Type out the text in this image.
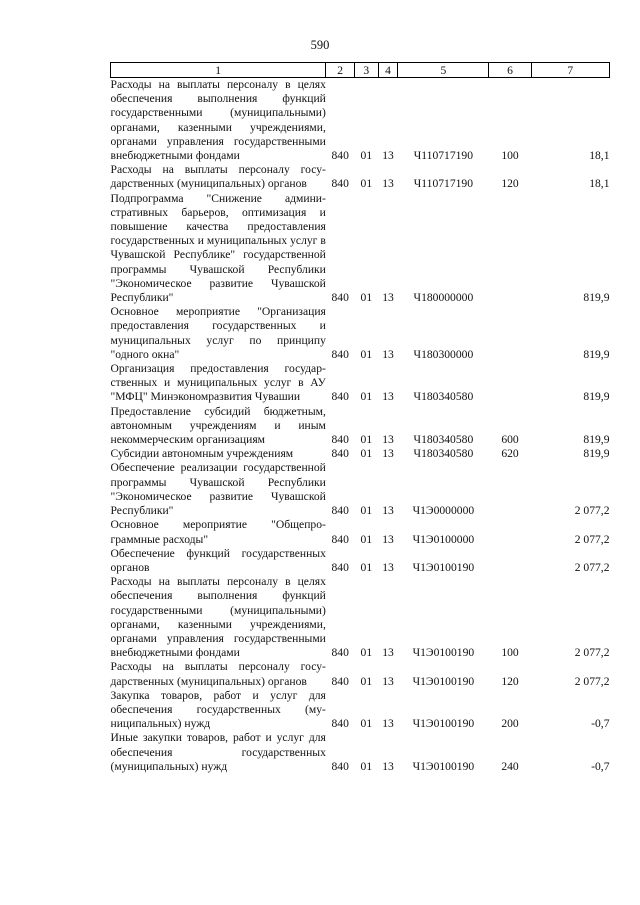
590
1	2	3	4	5	6	7
Расходы на выплаты персоналу в целях обеспечения выполнения функций государственными (муниципальными) органами, казенными учреждениями, органами управления государственными внебюджетными фондами	840	01	13	Ч110717190	100	18,1
Расходы на выплаты персоналу государственных (муниципальных) органов	840	01	13	Ч110717190	120	18,1
Подпрограмма "Снижение административных барьеров, оптимизация и повышение качества предоставления государственных и муниципальных услуг в Чувашской Республике" государственной программы Чувашской Республики "Экономическое развитие Чувашской Республики"	840	01	13	Ч180000000		819,9
Основное мероприятие "Организация предоставления государственных и муниципальных услуг по принципу "одного окна"	840	01	13	Ч180300000		819,9
Организация предоставления государственных и муниципальных услуг в АУ "МФЦ" Минэкономразвития Чувашии	840	01	13	Ч180340580		819,9
Предоставление субсидий бюджетным, автономным учреждениям и иным некоммерческим организациям	840	01	13	Ч180340580	600	819,9
Субсидии автономным учреждениям	840	01	13	Ч180340580	620	819,9
Обеспечение реализации государственной программы Чувашской Республики "Экономическое развитие Чувашской Республики"	840	01	13	Ч1Э0000000		2 077,2
Основное мероприятие "Общепрограммные расходы"	840	01	13	Ч1Э0100000		2 077,2
Обеспечение функций государственных органов	840	01	13	Ч1Э0100190		2 077,2
Расходы на выплаты персоналу в целях обеспечения выполнения функций государственными (муниципальными) органами, казенными учреждениями, органами управления государственными внебюджетными фондами	840	01	13	Ч1Э0100190	100	2 077,2
Расходы на выплаты персоналу государственных (муниципальных) органов	840	01	13	Ч1Э0100190	120	2 077,2
Закупка товаров, работ и услуг для обеспечения государственных (муниципальных) нужд	840	01	13	Ч1Э0100190	200	-0,7
Иные закупки товаров, работ и услуг для обеспечения государственных (муниципальных) нужд	840	01	13	Ч1Э0100190	240	-0,7
